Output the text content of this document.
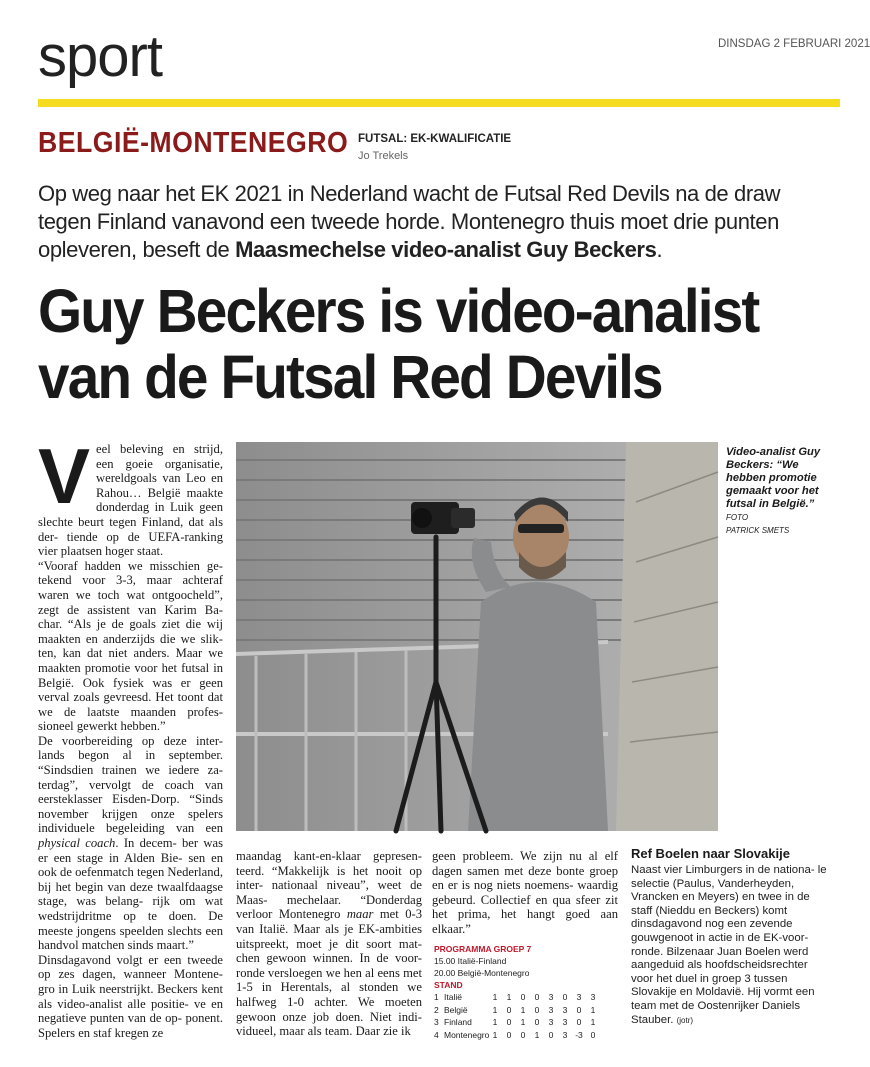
sport	DINSDAG 2 FEBRUARI 2021
BELGIË-MONTENEGRO FUTSAL: EK-KWALIFICATIE
Jo Trekels
Op weg naar het EK 2021 in Nederland wacht de Futsal Red Devils na de draw tegen Finland vanavond een tweede horde. Montenegro thuis moet drie punten opleveren, beseft de Maasmechelse video-analist Guy Beckers.
Guy Beckers is video-analist van de Futsal Red Devils

Veel beleving en strijd, een goeie organisatie, wereldgoals van Leo en Rahou… België maakte donderdag in Luik geen slechte beurt tegen Finland, dat als der- tiende op de UEFA-ranking vier plaatsen hoger staat.

“Vooraf hadden we misschien ge- tekend voor 3-3, maar achteraf waren we toch wat ontgoocheld”, zegt de assistent van Karim Ba- char. “Als je de goals ziet die wij maakten en anderzijds die we slik- ten, kan dat niet anders. Maar we maakten promotie voor het futsal in België. Ook fysiek was er geen verval zoals gevreesd. Het toont dat we de laatste maanden profes- sioneel gewerkt hebben.”

De voorbereiding op deze inter- lands begon al in september. “Sindsdien trainen we iedere za- terdag”, vervolgt de coach van eersteklasser Eisden-Dorp. “Sinds november krijgen onze spelers individuele begeleiding van een physical coach. In decem- ber was er een stage in Alden Bie- sen en ook de oefenmatch tegen Nederland, bij het begin van deze twaalfdaagse stage, was belang- rijk om wat wedstrijdritme op te doen. De meeste jongens speelden slechts een handvol matchen sinds maart.”

Dinsdagavond volgt er een tweede op zes dagen, wanneer Montene- gro in Luik neerstrijkt. Beckers kent als video-analist alle positie- ve en negatieve punten van de op- ponent. Spelers en staf kregen ze

Video-analist Guy Beckers: “We hebben promotie gemaakt voor het futsal in België.” FOTO
PATRICK SMETS

maandag kant-en-klaar gepresen- teerd. “Makkelijk is het nooit op inter- nationaal niveau”, weet de Maas- mechelaar. “Donderdag verloor Montenegro maar met 0-3 van Italië. Maar als je EK-ambities uitspreekt, moet je dit soort mat- chen gewoon winnen. In de voor- ronde versloegen we hen al eens met 1-5 in Herentals, al stonden we halfweg 1-0 achter. We moeten gewoon onze job doen. Niet indi- vidueel, maar als team. Daar zie ik

geen probleem. We zijn nu al elf dagen samen met deze bonte groep en er is nog niets noemens- waardig gebeurd. Collectief en qua sfeer zit het prima, het hangt goed aan elkaar.”

PROGRAMMA GROEP 7
15.00 Italië-Finland
20.00 België-Montenegro
STAND
1 Italië	1	1	0	0	3	0	3	3
2 België	1	0	1	0	3	3	0	1
3 Finland	1	0	1	0	3	3	0	1
4 Montenegro 1	0	0	1	0	3 -3 0
Ref Boelen naar Slovakije
Naast vier Limburgers in de nationa- le selectie (Paulus, Vanderheyden, Vrancken en Meyers) en twee in de staff (Nieddu en Beckers) komt dinsdagavond nog een zevende gouwgenoot in actie in de EK-voor- ronde. Bilzenaar Juan Boelen werd aangeduid als hoofdscheidsrechter voor het duel in groep 3 tussen Slovakije en Moldavië. Hij vormt een team met de Oostenrijker Daniels Stauber. (jotr)
